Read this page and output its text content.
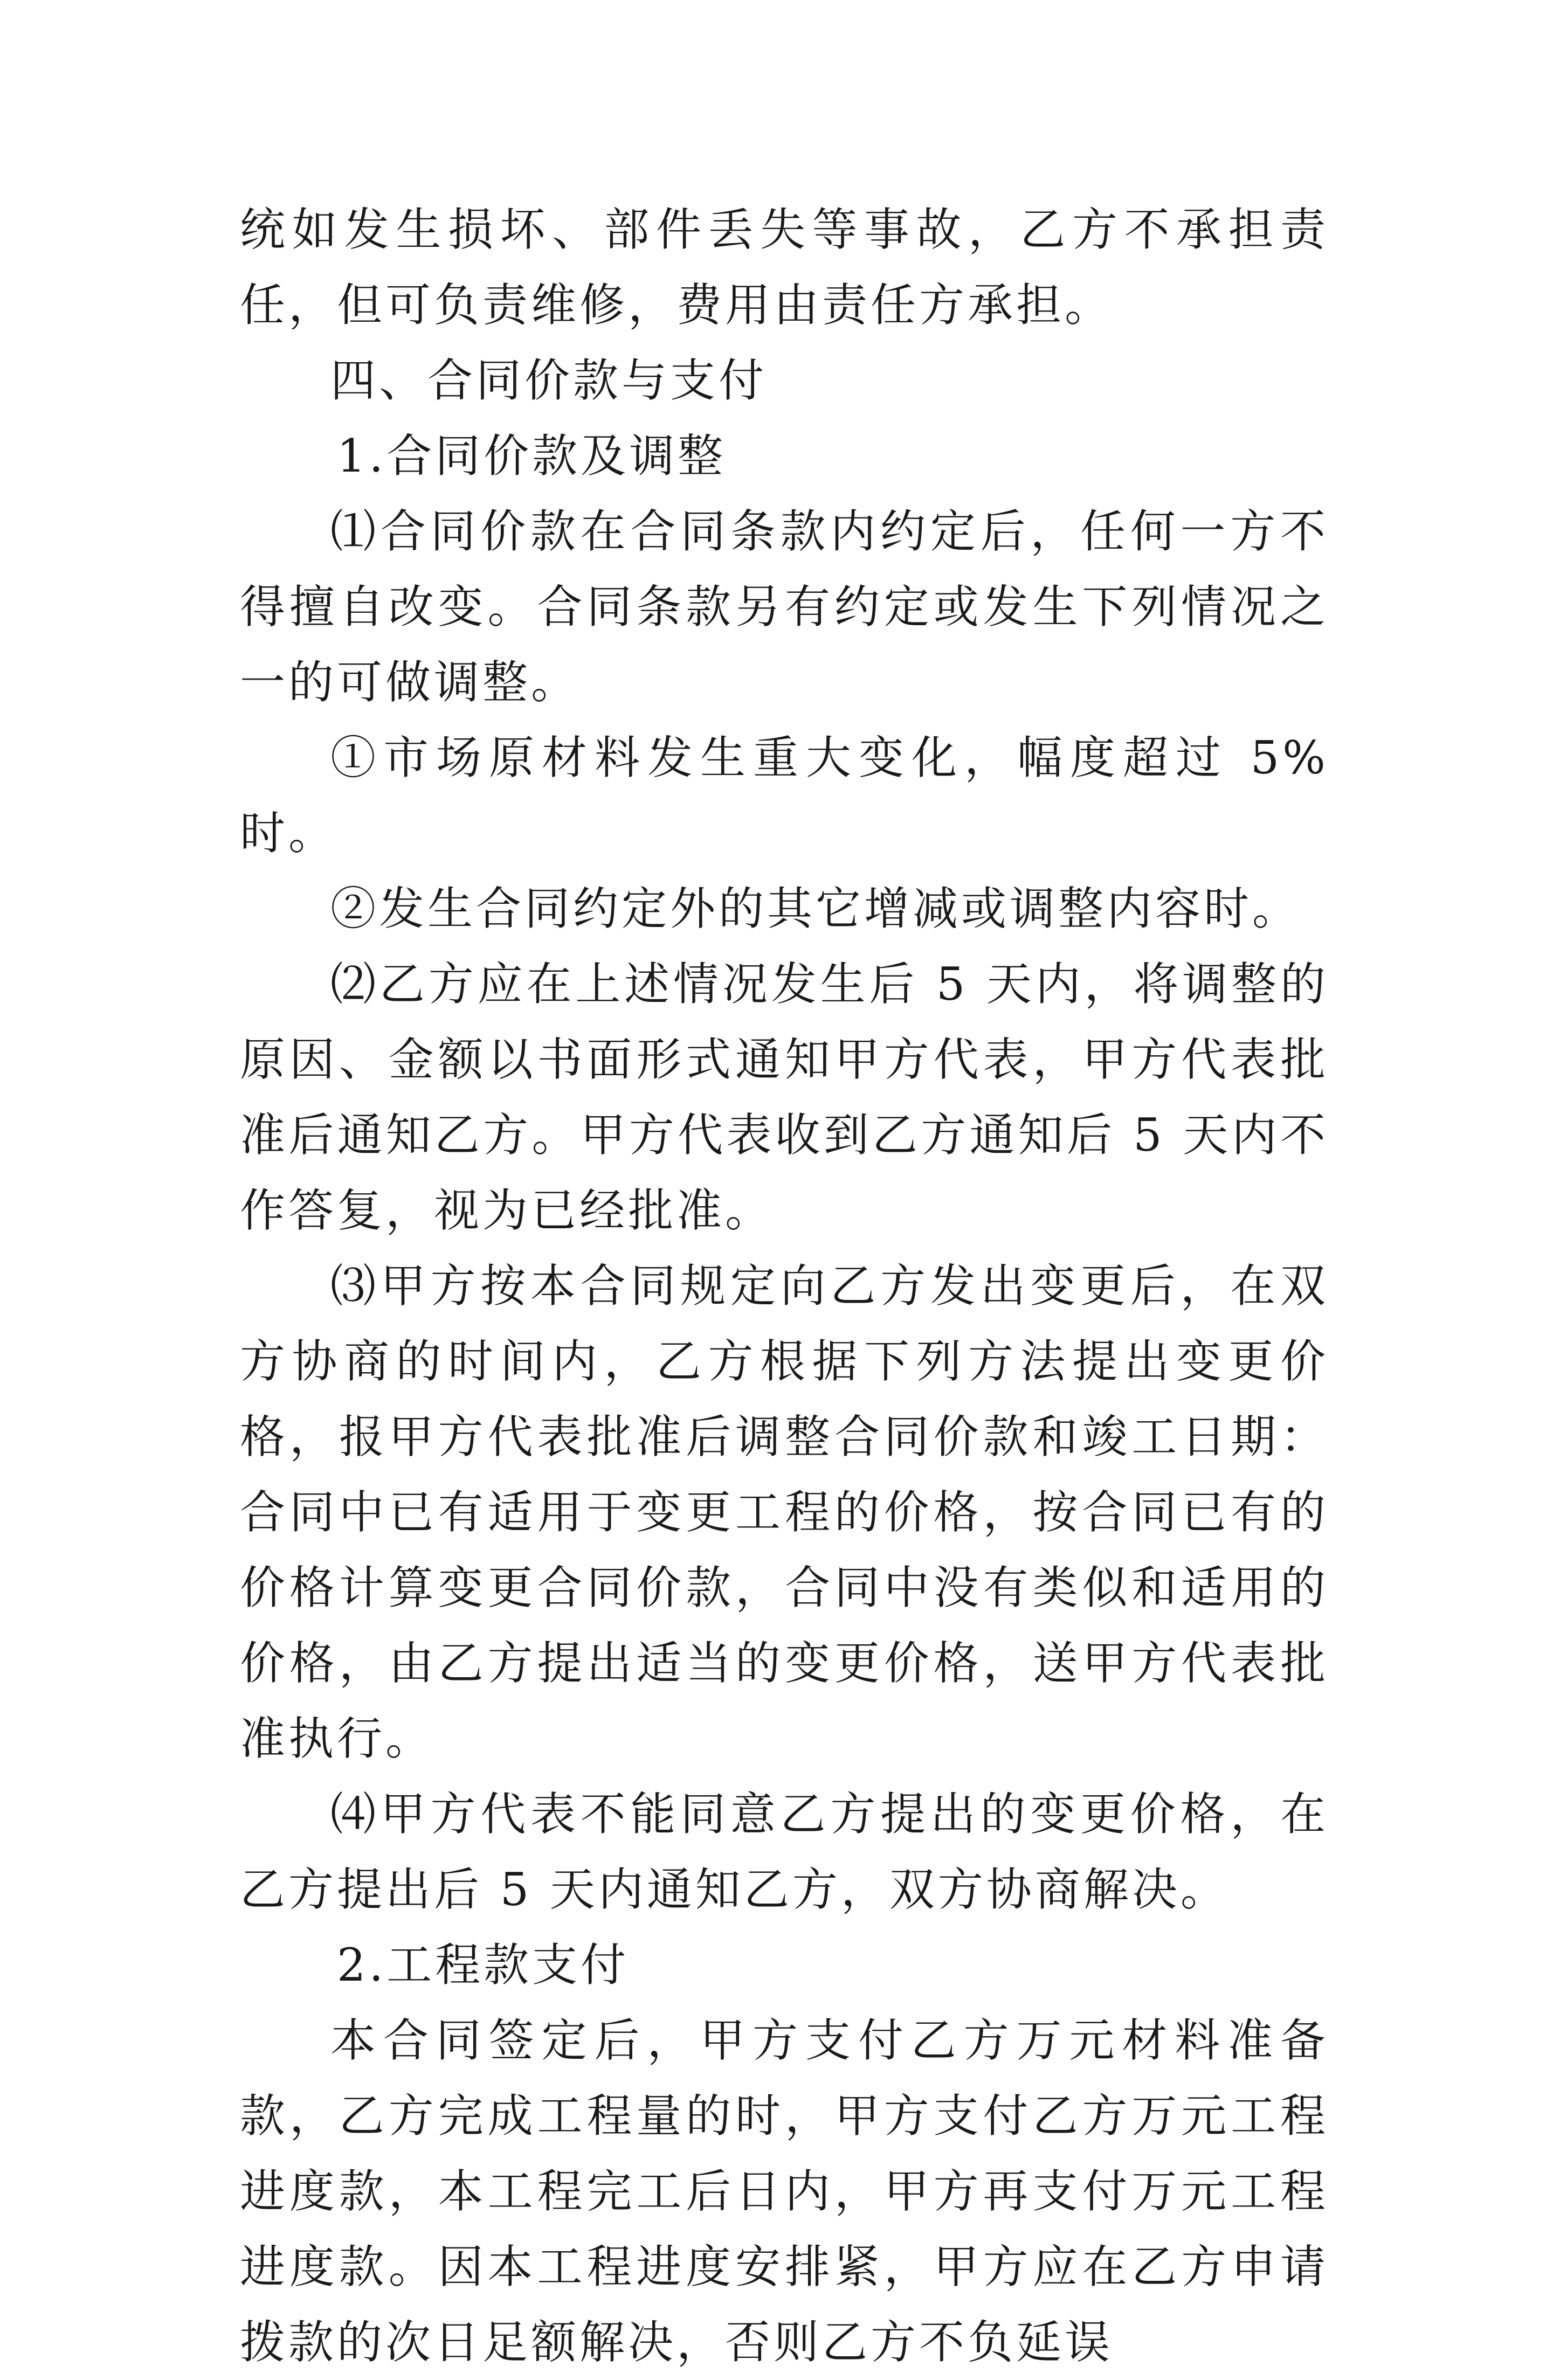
统如发生损坏、部件丢失等事故，乙方不承担责任，但可负责维修，费用由责任方承担。

四、合同价款与支付

1.合同价款及调整

⑴合同价款在合同条款内约定后，任何一方不得擅自改变。合同条款另有约定或发生下列情况之一的可做调整。

①市场原材料发生重大变化，幅度超过 5%时。

②发生合同约定外的其它增减或调整内容时。

⑵乙方应在上述情况发生后 5 天内，将调整的原因、金额以书面形式通知甲方代表，甲方代表批准后通知乙方。甲方代表收到乙方通知后 5 天内不作答复，视为已经批准。

⑶甲方按本合同规定向乙方发出变更后，在双方协商的时间内，乙方根据下列方法提出变更价格，报甲方代表批准后调整合同价款和竣工日期：合同中已有适用于变更工程的价格，按合同已有的价格计算变更合同价款，合同中没有类似和适用的价格，由乙方提出适当的变更价格，送甲方代表批准执行。

⑷甲方代表不能同意乙方提出的变更价格，在乙方提出后 5 天内通知乙方，双方协商解决。

2.工程款支付

本合同签定后，甲方支付乙方万元材料准备款，乙方完成工程量的时，甲方支付乙方万元工程进度款，本工程完工后日内，甲方再支付万元工程进度款。因本工程进度安排紧，甲方应在乙方申请拨款的次日足额解决，否则乙方不负延误
